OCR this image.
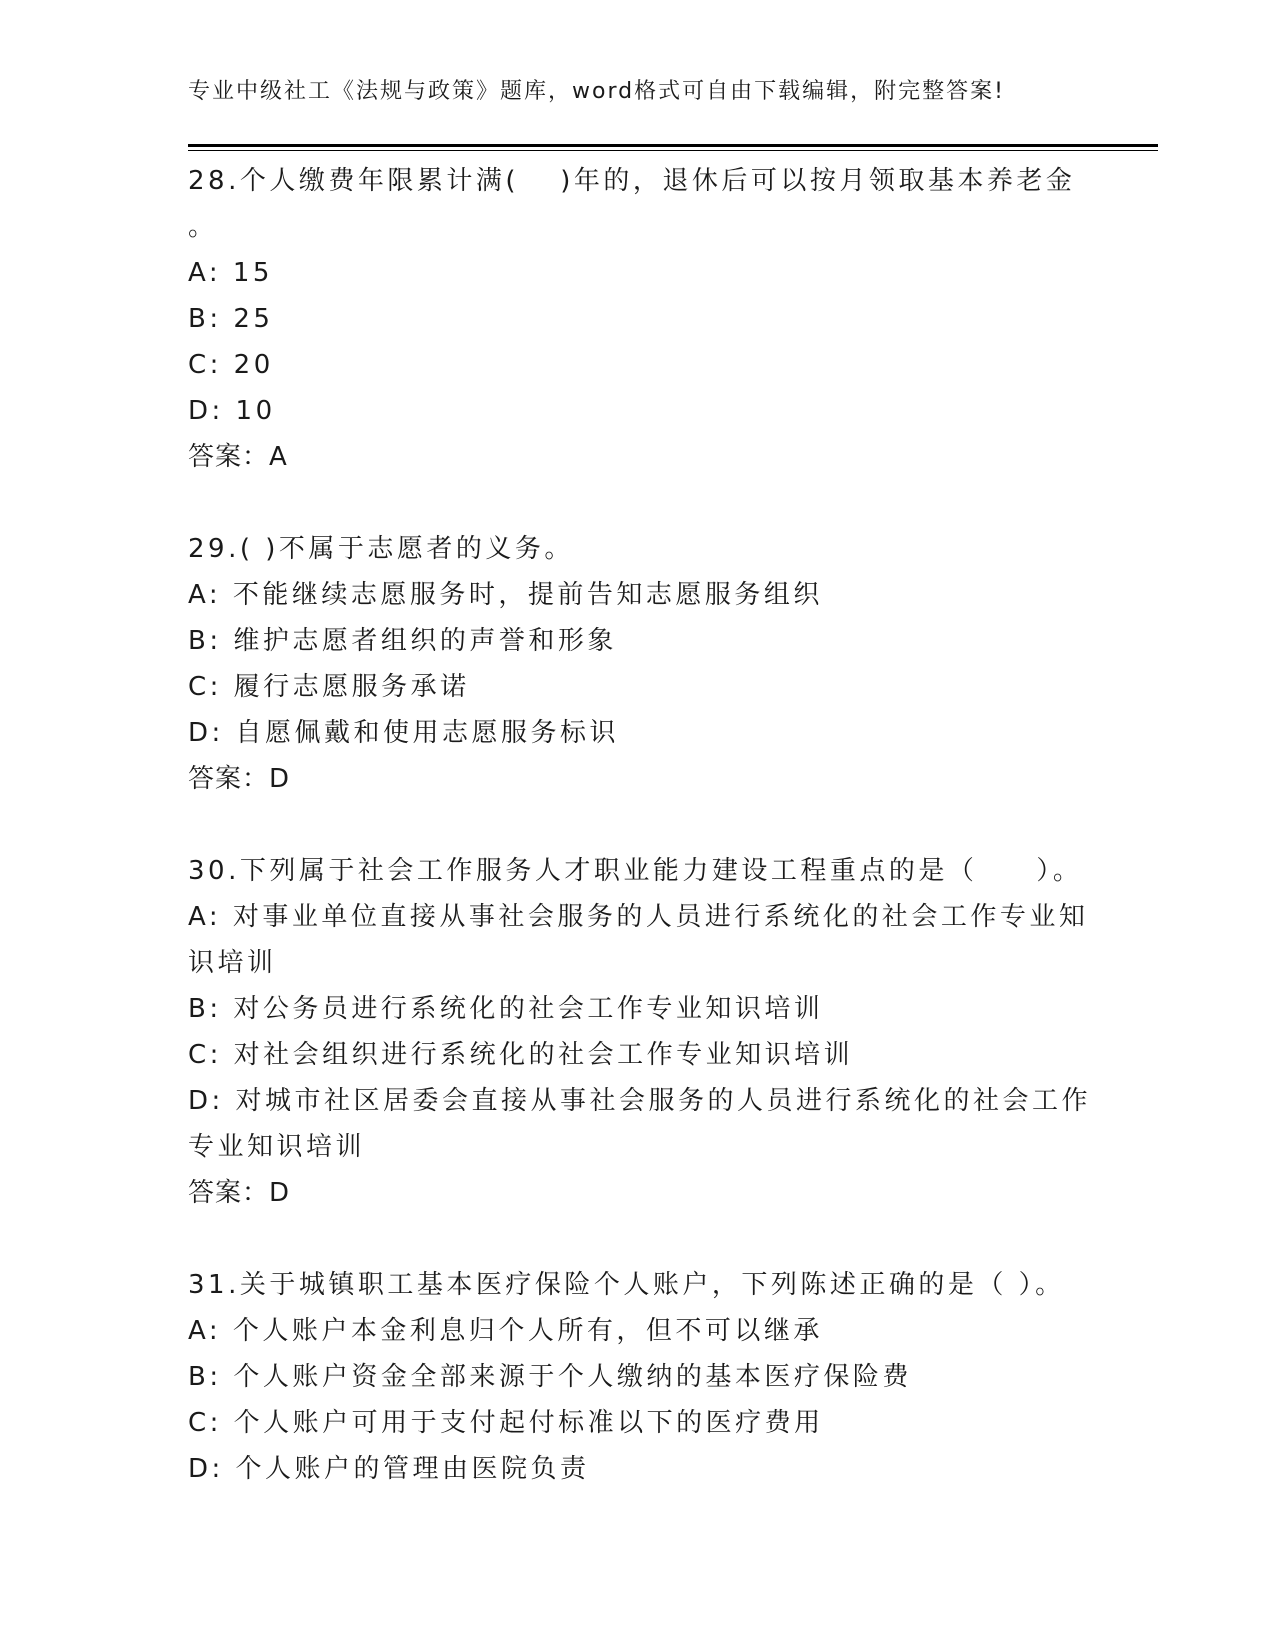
专业中级社工《法规与政策》题库，word格式可自由下载编辑，附完整答案!
28.个人缴费年限累计满(　 )年的，退休后可以按月领取基本养老金
。
A: 15
B: 25
C: 20
D: 10
答案：A
29.( )不属于志愿者的义务。
A: 不能继续志愿服务时，提前告知志愿服务组织
B: 维护志愿者组织的声誉和形象
C: 履行志愿服务承诺
D: 自愿佩戴和使用志愿服务标识
答案：D
30.下列属于社会工作服务人才职业能力建设工程重点的是（　　）。
A: 对事业单位直接从事社会服务的人员进行系统化的社会工作专业知
识培训
B: 对公务员进行系统化的社会工作专业知识培训
C: 对社会组织进行系统化的社会工作专业知识培训
D: 对城市社区居委会直接从事社会服务的人员进行系统化的社会工作
专业知识培训
答案：D
31.关于城镇职工基本医疗保险个人账户，下列陈述正确的是（ ）。
A: 个人账户本金利息归个人所有，但不可以继承
B: 个人账户资金全部来源于个人缴纳的基本医疗保险费
C: 个人账户可用于支付起付标准以下的医疗费用
D: 个人账户的管理由医院负责
